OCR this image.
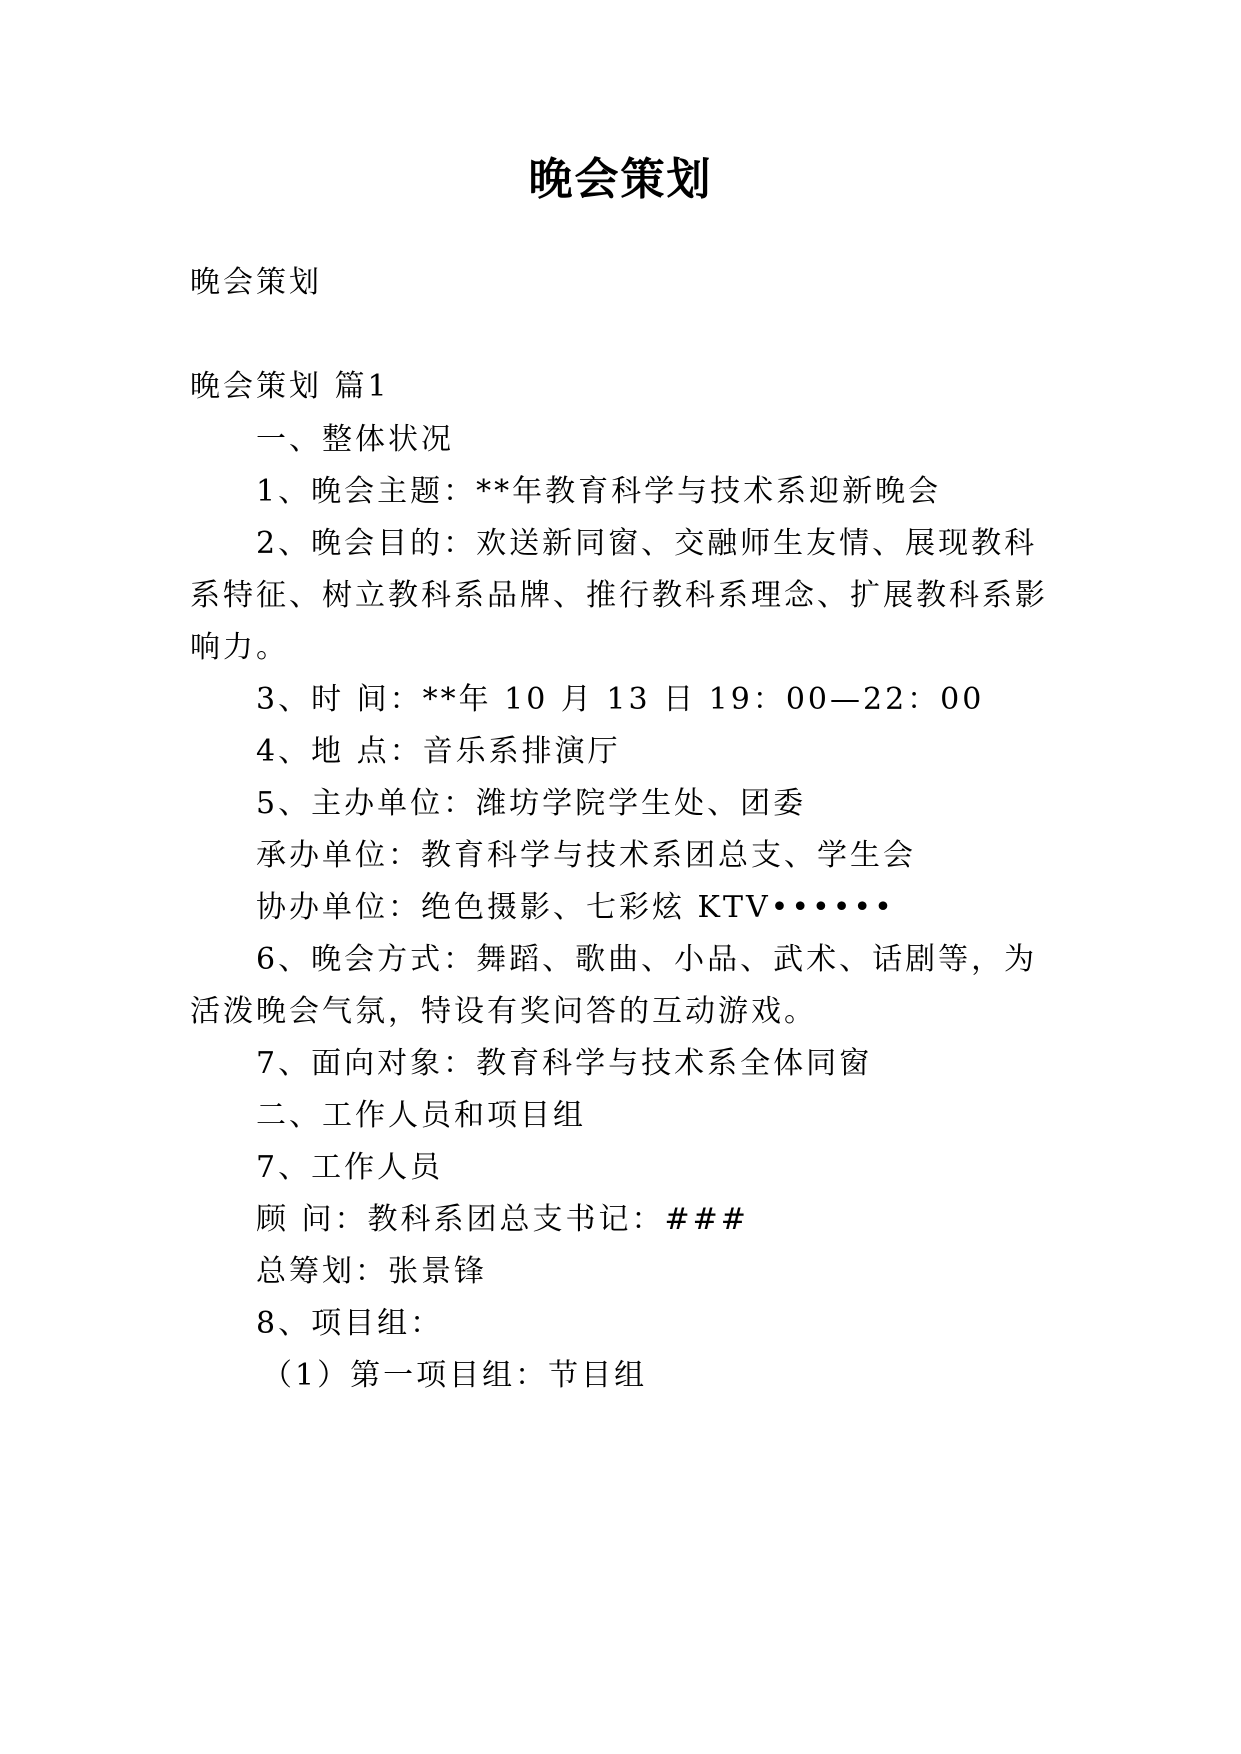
晚会策划
晚会策划
晚会策划 篇1
一、整体状况
1、晚会主题：**年教育科学与技术系迎新晚会
2、晚会目的：欢送新同窗、交融师生友情、展现教科
系特征、树立教科系品牌、推行教科系理念、扩展教科系影
响力。
3、时 间：**年 10 月 13 日 19：00—22：00
4、地 点：音乐系排演厅
5、主办单位：潍坊学院学生处、团委
承办单位：教育科学与技术系团总支、学生会
协办单位：绝色摄影、七彩炫 KTV••••••
6、晚会方式：舞蹈、歌曲、小品、武术、话剧等，为
活泼晚会气氛，特设有奖问答的互动游戏。
7、面向对象：教育科学与技术系全体同窗
二、工作人员和项目组
7、工作人员
顾 问：教科系团总支书记：###
总筹划：张景锋
8、项目组：
（1）第一项目组：节目组
